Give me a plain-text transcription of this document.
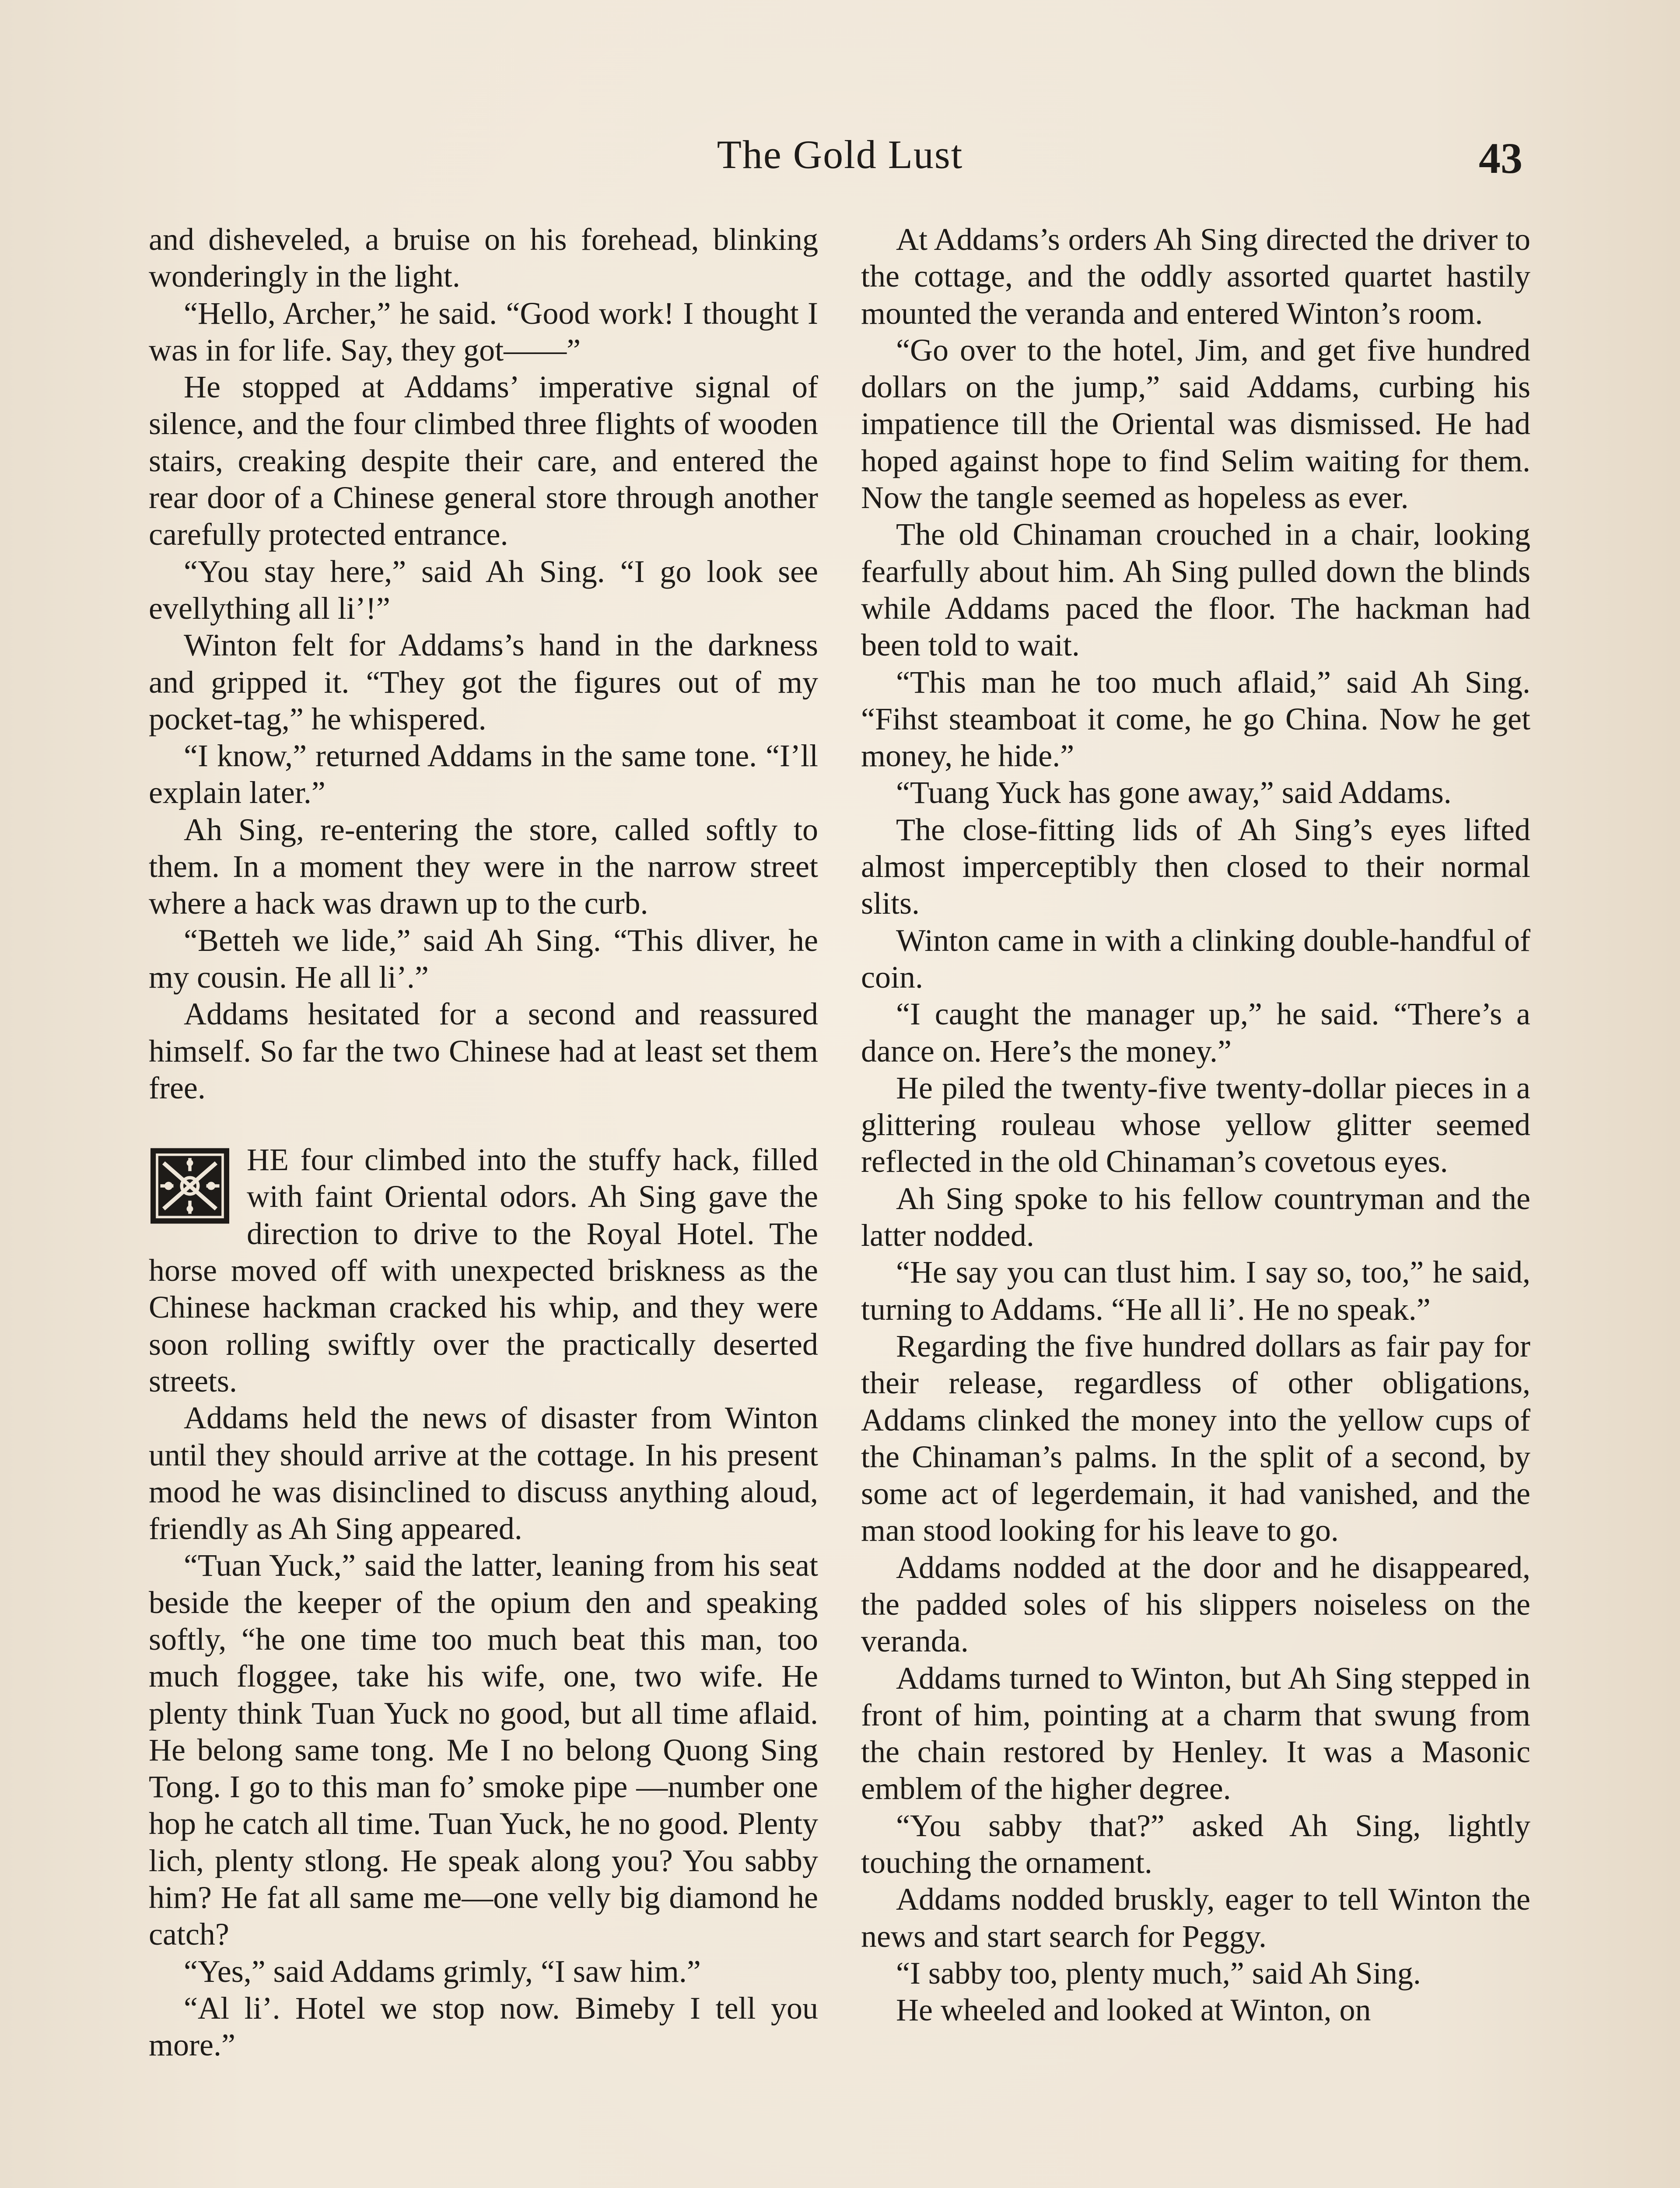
The Gold Lust	43

and disheveled, a bruise on his forehead, blinking wonderingly in the light.

“Hello, Archer,” he said. “Good work! I thought I was in for life. Say, they got——”

He stopped at Addams’ imperative signal of silence, and the four climbed three flights of wooden stairs, creaking despite their care, and entered the rear door of a Chinese general store through another carefully protected entrance.

“You stay here,” said Ah Sing. “I go look see evellything all li’!”

Winton felt for Addams’s hand in the darkness and gripped it. “They got the figures out of my pocket-tag,” he whispered.

“I know,” returned Addams in the same tone. “I’ll explain later.”

Ah Sing, re-entering the store, called softly to them. In a moment they were in the narrow street where a hack was drawn up to the curb.

“Betteh we lide,” said Ah Sing. “This dliver, he my cousin. He all li’.”

Addams hesitated for a second and reassured himself. So far the two Chinese had at least set them free.

HE four climbed into the stuffy hack, filled with faint Oriental odors. Ah Sing gave the direction to drive to the Royal Hotel. The horse moved off with unexpected briskness as the Chinese hackman cracked his whip, and they were soon rolling swiftly over the practically deserted streets.

Addams held the news of disaster from Winton until they should arrive at the cottage. In his present mood he was disinclined to discuss anything aloud, friendly as Ah Sing appeared.

“Tuan Yuck,” said the latter, leaning from his seat beside the keeper of the opium den and speaking softly, “he one time too much beat this man, too much floggee, take his wife, one, two wife. He plenty think Tuan Yuck no good, but all time aflaid. He belong same tong. Me I no belong Quong Sing Tong. I go to this man fo’ smoke pipe —number one hop he catch all time. Tuan Yuck, he no good. Plenty lich, plenty stlong. He speak along you? You sabby him? He fat all same me—one velly big diamond he catch?

“Yes,” said Addams grimly, “I saw him.”

“Al li’. Hotel we stop now. Bimeby I tell you more.”

At Addams’s orders Ah Sing directed the driver to the cottage, and the oddly assorted quartet hastily mounted the veranda and entered Winton’s room.

“Go over to the hotel, Jim, and get five hundred dollars on the jump,” said Addams, curbing his impatience till the Oriental was dismissed. He had hoped against hope to find Selim waiting for them. Now the tangle seemed as hopeless as ever.

The old Chinaman crouched in a chair, looking fearfully about him. Ah Sing pulled down the blinds while Addams paced the floor. The hackman had been told to wait.

“This man he too much aflaid,” said Ah Sing. “Fihst steamboat it come, he go China. Now he get money, he hide.”

“Tuang Yuck has gone away,” said Addams.

The close-fitting lids of Ah Sing’s eyes lifted almost imperceptibly then closed to their normal slits.

Winton came in with a clinking double-handful of coin.

“I caught the manager up,” he said. “There’s a dance on. Here’s the money.”

He piled the twenty-five twenty-dollar pieces in a glittering rouleau whose yellow glitter seemed reflected in the old Chinaman’s covetous eyes.

Ah Sing spoke to his fellow countryman and the latter nodded.

“He say you can tlust him. I say so, too,” he said, turning to Addams. “He all li’. He no speak.”

Regarding the five hundred dollars as fair pay for their release, regardless of other obligations, Addams clinked the money into the yellow cups of the Chinaman’s palms. In the split of a second, by some act of legerdemain, it had vanished, and the man stood looking for his leave to go.

Addams nodded at the door and he disappeared, the padded soles of his slippers noiseless on the veranda.

Addams turned to Winton, but Ah Sing stepped in front of him, pointing at a charm that swung from the chain restored by Henley. It was a Masonic emblem of the higher degree.

“You sabby that?” asked Ah Sing, lightly touching the ornament.

Addams nodded bruskly, eager to tell Winton the news and start search for Peggy.

“I sabby too, plenty much,” said Ah Sing.

He wheeled and looked at Winton, on
